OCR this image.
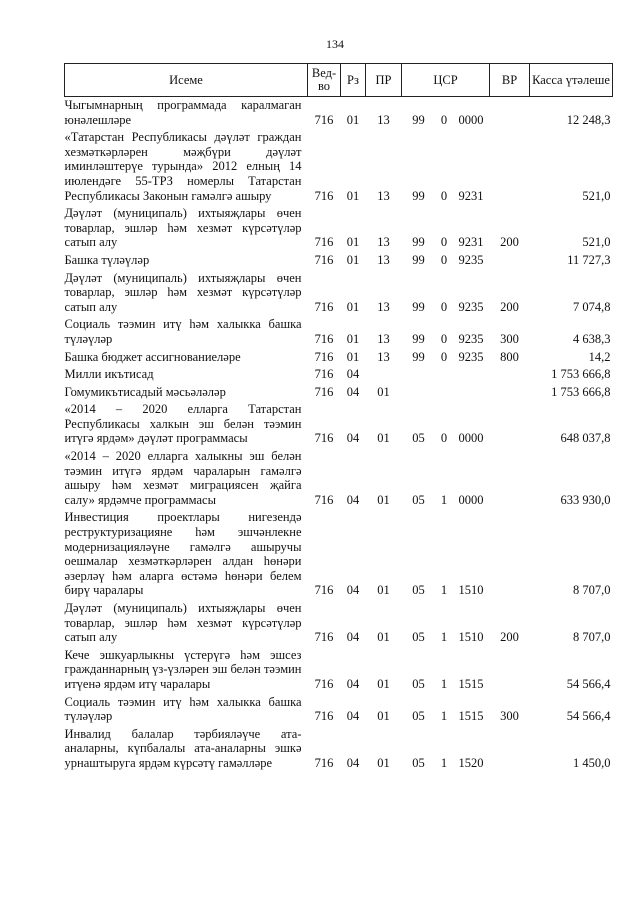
134
Исеме	Вед-во	Рз	ПР	ЦСР			ВР	Касса үтәлеше
Чыгымнарның программада каралмаган юнәлешләре	716	01	13	99	0	0000		12 248,3
«Татарстан Республикасы дәүләт граждан хезмәткәрләрен мәҗбүри дәүләт иминләштерүе турында» 2012 елның 14 июлендәге 55-ТРЗ номерлы Татарстан Республикасы Законын гамәлгә ашыру	716	01	13	99	0	9231		521,0
Дәүләт (муниципаль) ихтыяҗлары өчен товарлар, эшләр һәм хезмәт күрсәтүләр сатып алу	716	01	13	99	0	9231	200	521,0
Башка түләүләр	716	01	13	99	0	9235		11 727,3
Дәүләт (муниципаль) ихтыяҗлары өчен товарлар, эшләр һәм хезмәт күрсәтүләр сатып алу	716	01	13	99	0	9235	200	7 074,8
Социаль тәэмин итү һәм халыкка башка түләүләр	716	01	13	99	0	9235	300	4 638,3
Башка бюджет ассигнованиеләре	716	01	13	99	0	9235	800	14,2
Милли икътисад	716	04						1 753 666,8
Гомумикътисадый мәсьәләләр	716	04	01					1 753 666,8
«2014 – 2020 елларга Татарстан Республикасы халкын эш белән тәэмин итүгә ярдәм» дәүләт программасы	716	04	01	05	0	0000		648 037,8
«2014 – 2020 елларга халыкны эш белән тәэмин итүгә ярдәм чараларын гамәлгә ашыру һәм хезмәт миграциясен җайга салу» ярдәмче программасы	716	04	01	05	1	0000		633 930,0
Инвестиция проектлары нигезендә реструктуризацияне һәм эшчәнлекне модернизацияләүне гамәлгә ашыручы оешмалар хезмәткәрләрен алдан һөнәри әзерләү һәм аларга өстәмә һөнәри белем бирү чаралары	716	04	01	05	1	1510		8 707,0
Дәүләт (муниципаль) ихтыяҗлары өчен товарлар, эшләр һәм хезмәт күрсәтүләр сатып алу	716	04	01	05	1	1510	200	8 707,0
Кече эшкуарлыкны үстерүгә һәм эшсез гражданнарның үз-үзләрен эш белән тәэмин итүенә ярдәм итү чаралары	716	04	01	05	1	1515		54 566,4
Социаль тәэмин итү һәм халыкка башка түләүләр	716	04	01	05	1	1515	300	54 566,4
Инвалид балалар тәрбияләүче ата-аналарны, күпбалалы ата-аналарны эшкә урнаштыруга ярдәм күрсәтү гамәлләре	716	04	01	05	1	1520		1 450,0
